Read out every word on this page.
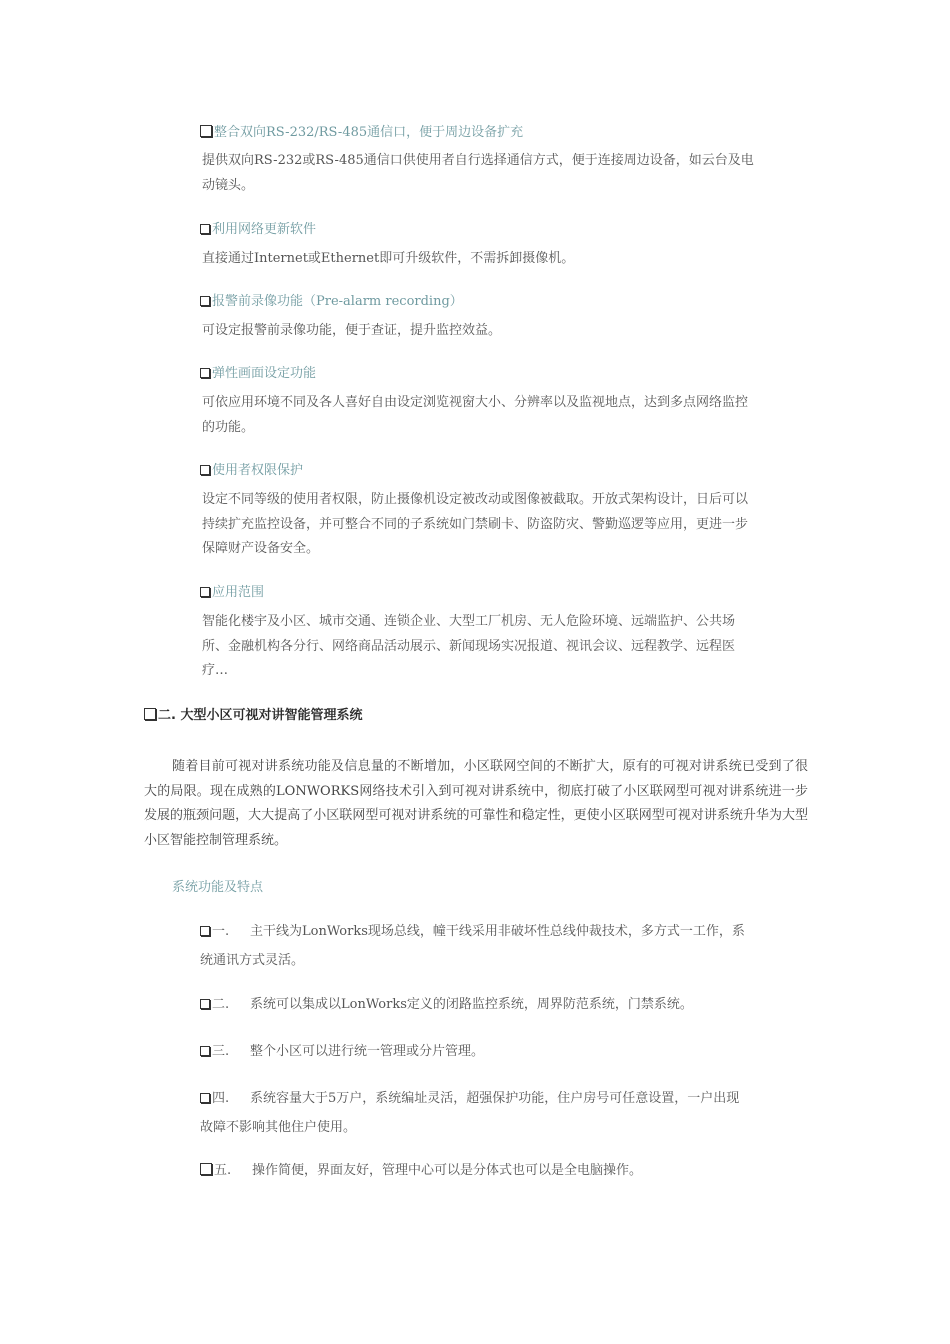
整合双向RS-232/RS-485通信口，便于周边设备扩充
提供双向RS-232或RS-485通信口供使用者自行选择通信方式，便于连接周边设备，如云台及电动镜头。
利用网络更新软件
直接通过Internet或Ethernet即可升级软件，不需拆卸摄像机。
报警前录像功能（Pre-alarm recording）
可设定报警前录像功能，便于查证，提升监控效益。
弹性画面设定功能
可依应用环境不同及各人喜好自由设定浏览视窗大小、分辨率以及监视地点，达到多点网络监控的功能。
使用者权限保护
设定不同等级的使用者权限，防止摄像机设定被改动或图像被截取。开放式架构设计，日后可以持续扩充监控设备，并可整合不同的子系统如门禁刷卡、防盗防灾、警勤巡逻等应用，更进一步保障财产设备安全。
应用范围
智能化楼宇及小区、城市交通、连锁企业、大型工厂机房、无人危险环境、远端监护、公共场所、金融机构各分行、网络商品活动展示、新闻现场实况报道、视讯会议、远程教学、远程医疗…
二. 大型小区可视对讲智能管理系统
随着目前可视对讲系统功能及信息量的不断增加，小区联网空间的不断扩大，原有的可视对讲系统已受到了很大的局限。现在成熟的LONWORKS网络技术引入到可视对讲系统中，彻底打破了小区联网型可视对讲系统进一步发展的瓶颈问题，大大提高了小区联网型可视对讲系统的可靠性和稳定性，更使小区联网型可视对讲系统升华为大型小区智能控制管理系统。
系统功能及特点
一. 主干线为LonWorks现场总线，幢干线采用非破坏性总线仲裁技术，多方式一工作，系统通讯方式灵活。
二. 系统可以集成以LonWorks定义的闭路监控系统，周界防范系统，门禁系统。
三. 整个小区可以进行统一管理或分片管理。
四. 系统容量大于5万户，系统编址灵活，超强保护功能，住户房号可任意设置，一户出现故障不影响其他住户使用。
五. 操作简便，界面友好，管理中心可以是分体式也可以是全电脑操作。
